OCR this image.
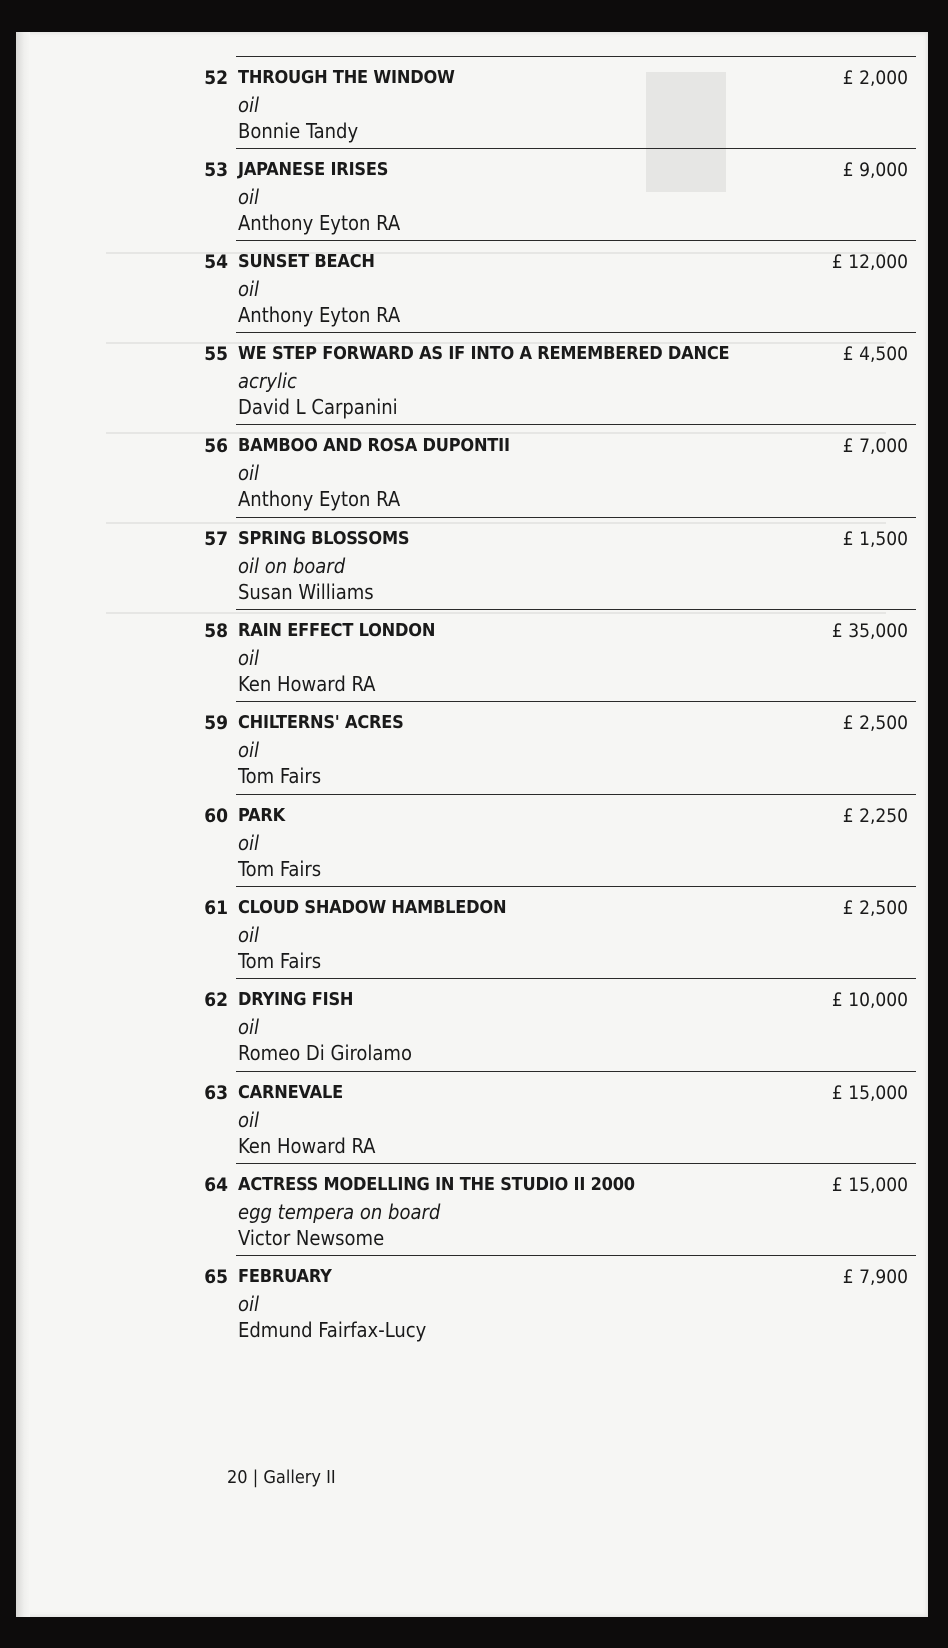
52 THROUGH THE WINDOW
oil
Bonnie Tandy
£ 2,000
53 JAPANESE IRISES
oil
Anthony Eyton RA
£ 9,000
54 SUNSET BEACH
oil
Anthony Eyton RA
£ 12,000
55 WE STEP FORWARD AS IF INTO A REMEMBERED DANCE
acrylic
David L Carpanini
£ 4,500
56 BAMBOO AND ROSA DUPONTII
oil
Anthony Eyton RA
£ 7,000
57 SPRING BLOSSOMS
oil on board
Susan Williams
£ 1,500
58 RAIN EFFECT LONDON
oil
Ken Howard RA
£ 35,000
59 CHILTERNS' ACRES
oil
Tom Fairs
£ 2,500
60 PARK
oil
Tom Fairs
£ 2,250
61 CLOUD SHADOW HAMBLEDON
oil
Tom Fairs
£ 2,500
62 DRYING FISH
oil
Romeo Di Girolamo
£ 10,000
63 CARNEVALE
oil
Ken Howard RA
£ 15,000
64 ACTRESS MODELLING IN THE STUDIO II 2000
egg tempera on board
Victor Newsome
£ 15,000
65 FEBRUARY
oil
Edmund Fairfax-Lucy
£ 7,900
20 | Gallery II
